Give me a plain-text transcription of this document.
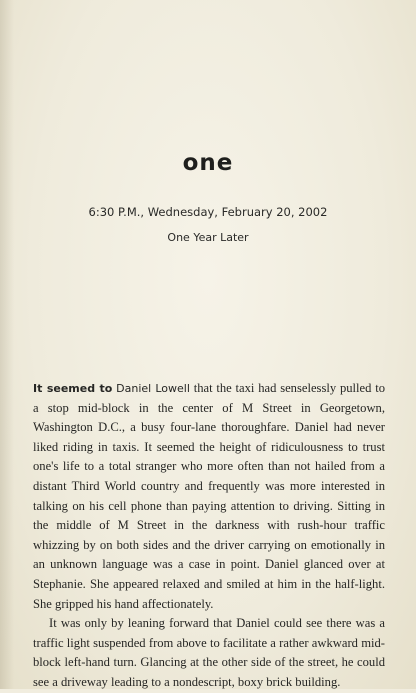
one

6:30 P.M., Wednesday, February 20, 2002

One Year Later

It seemed to Daniel Lowell that the taxi had senselessly pulled to a stop mid-block in the center of M Street in Georgetown, Washington D.C., a busy four-lane thoroughfare. Daniel had never liked riding in taxis. It seemed the height of ridiculousness to trust one's life to a total stranger who more often than not hailed from a distant Third World country and frequently was more interested in talking on his cell phone than paying attention to driving. Sitting in the middle of M Street in the darkness with rush-hour traffic whizzing by on both sides and the driver carrying on emotionally in an unknown language was a case in point. Daniel glanced over at Stephanie. She appeared relaxed and smiled at him in the half-light. She gripped his hand affectionately.

It was only by leaning forward that Daniel could see there was a traffic light suspended from above to facilitate a rather awkward mid-block left-hand turn. Glancing at the other side of the street, he could see a driveway leading to a nondescript, boxy brick building.
